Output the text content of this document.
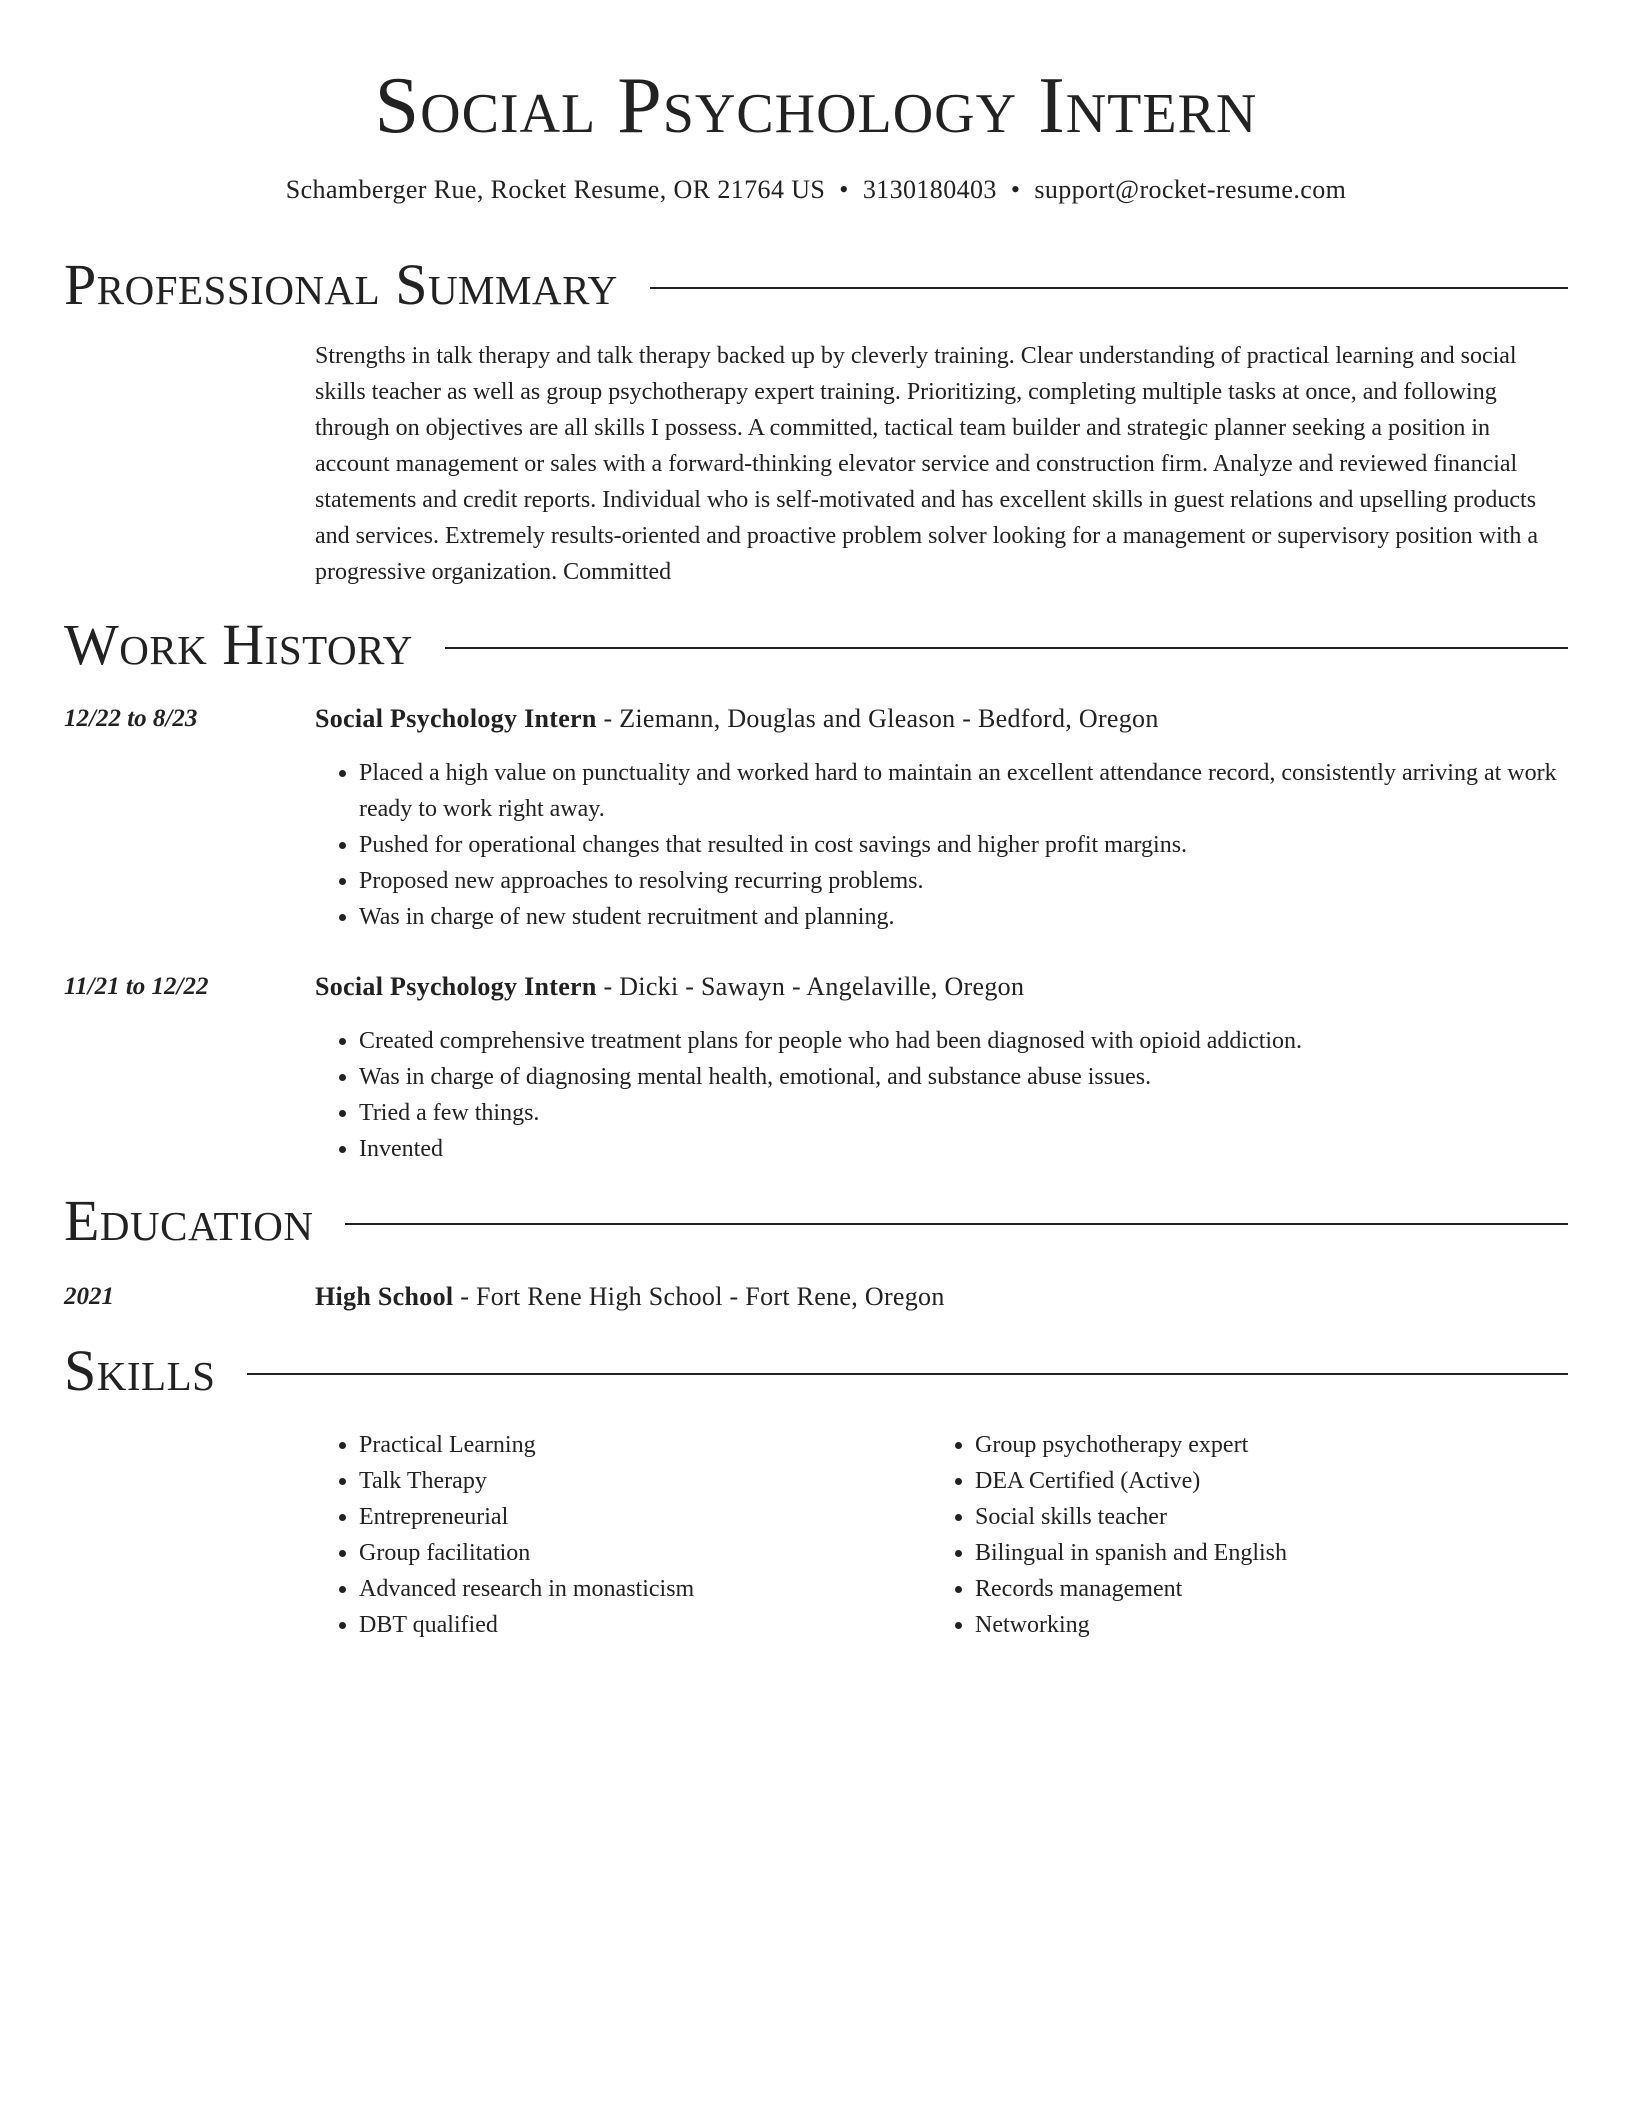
Social Psychology Intern
Schamberger Rue, Rocket Resume, OR 21764 US • 3130180403 • support@rocket-resume.com
Professional Summary

Strengths in talk therapy and talk therapy backed up by cleverly training. Clear understanding of practical learning and social skills teacher as well as group psychotherapy expert training. Prioritizing, completing multiple tasks at once, and following through on objectives are all skills I possess. A committed, tactical team builder and strategic planner seeking a position in account management or sales with a forward-thinking elevator service and construction firm. Analyze and reviewed financial statements and credit reports. Individual who is self-motivated and has excellent skills in guest relations and upselling products and services. Extremely results-oriented and proactive problem solver looking for a management or supervisory position with a progressive organization. Committed

Work History
12/22 to 8/23	Social Psychology Intern - Ziemann, Douglas and Gleason - Bedford, Oregon
• Placed a high value on punctuality and worked hard to maintain an excellent attendance record, consistently arriving at work ready to work right away.
• Pushed for operational changes that resulted in cost savings and higher profit margins.
• Proposed new approaches to resolving recurring problems.
• Was in charge of new student recruitment and planning.
11/21 to 12/22	Social Psychology Intern - Dicki - Sawayn - Angelaville, Oregon
• Created comprehensive treatment plans for people who had been diagnosed with opioid addiction.
• Was in charge of diagnosing mental health, emotional, and substance abuse issues.
• Tried a few things.
• Invented
Education
2021	High School - Fort Rene High School - Fort Rene, Oregon
Skills
• Practical Learning
• Talk Therapy
• Entrepreneurial
• Group facilitation
• Advanced research in monasticism
• DBT qualified
• Group psychotherapy expert
• DEA Certified (Active)
• Social skills teacher
• Bilingual in spanish and English
• Records management
• Networking
